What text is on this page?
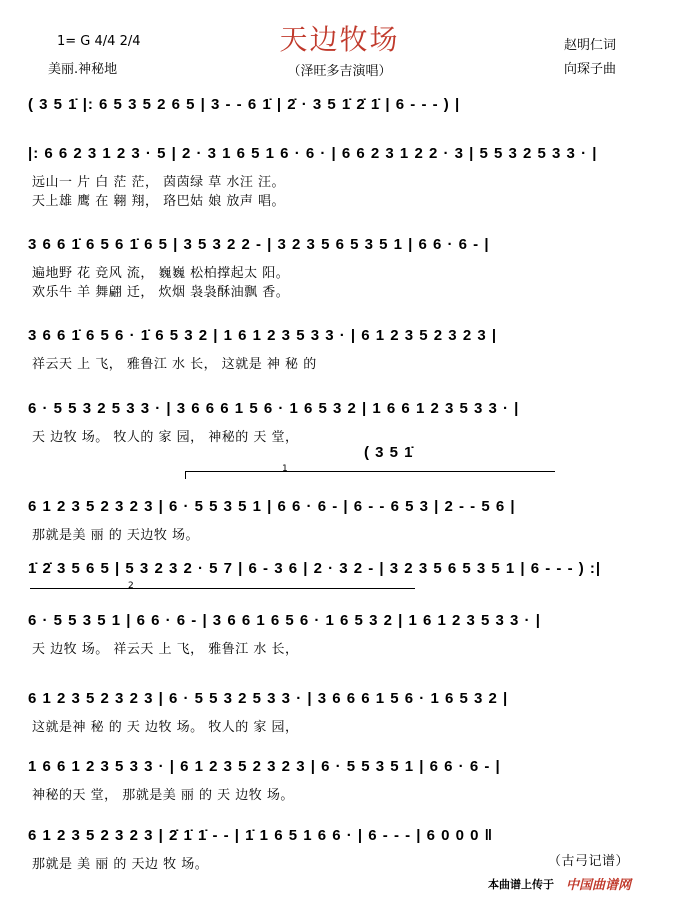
天边牧场
1= G 4/4 2/4	赵明仁词
美丽.神秘地	（泽旺多吉演唱）	向琛子曲
( 3 5 1̇ |: 6 5 3 5 2 6 5 | 3 - - 6 1̇ | 2̇ · 3 5 1̇ 2̇ 1̇ | 6 - - - ) |
|: 6 6 2 3 1 2 3 · 5 | 2 · 3 1 6 5 1 6 · 6 · | 6 6 2 3 1 2 2 · 3 | 5 5 3 2 5 3 3 · |
远山一 片 白 茫 茫， 茵茵绿 草 水汪 汪。
天上雄 鹰 在 翱 翔， 珞巴姑 娘 放声 唱。
3 6 6 1̇ 6 5 6 1̇ 6 5 | 3 5 3 2 2 - | 3 2 3 5 6 5 3 5 1 | 6 6 · 6 - |
遍地野 花 竞风 流， 巍巍 松柏撑起太 阳。
欢乐牛 羊 舞翩 迁， 炊烟 袅袅酥油飘 香。
3 6 6 1̇ 6 5 6 · 1̇ 6 5 3 2 | 1 6 1 2 3 5 3 3 · | 6 1 2 3 5 2 3 2 3 |
祥云天 上 飞， 雅鲁江 水 长， 这就是 神 秘 的
6 · 5 5 3 2 5 3 3 · | 3 6 6 6 1 5 6 · 1 6 5 3 2 | 1 6 6 1 2 3 5 3 3 · |
天 边牧 场。 牧人的 家 园， 神秘的 天 堂，
6 1 2 3 5 2 3 2 3 | 6 · 5 5 3 5 1 | 6 6 · 6 - | 6 - - 6 5 3 | 2 - - 5 6 |
那就是美 丽 的 天边牧 场。
1̇ 2̇ 3 5 6 5 | 5 3 2 3 2 · 5 7 | 6 - 3 6 | 2 · 3 2 - | 3 2 3 5 6 5 3 5 1 | 6 - - - ) :|
6 · 5 5 3 5 1 | 6 6 · 6 - | 3 6 6 1 6 5 6 · 1 6 5 3 2 | 1 6 1 2 3 5 3 3 · |
天 边牧 场。 祥云天 上 飞， 雅鲁江 水 长，
6 1 2 3 5 2 3 2 3 | 6 · 5 5 3 2 5 3 3 · | 3 6 6 6 1 5 6 · 1 6 5 3 2 |
这就是神 秘 的 天 边牧 场。 牧人的 家 园，
1 6 6 1 2 3 5 3 3 · | 6 1 2 3 5 2 3 2 3 | 6 · 5 5 3 5 1 | 6 6 · 6 - |
神秘的天 堂， 那就是美 丽 的 天 边牧 场。
6 1 2 3 5 2 3 2 3 | 2̇ 1̇ 1̇ - - | 1̇ 1 6 5 1 6 6 · | 6 - - - | 6 0 0 0 ‖
那就是 美 丽 的 天边 牧 场。
( 3 5 1̇
1
2
（古弓记谱）
本曲谱上传于 中国曲谱网
